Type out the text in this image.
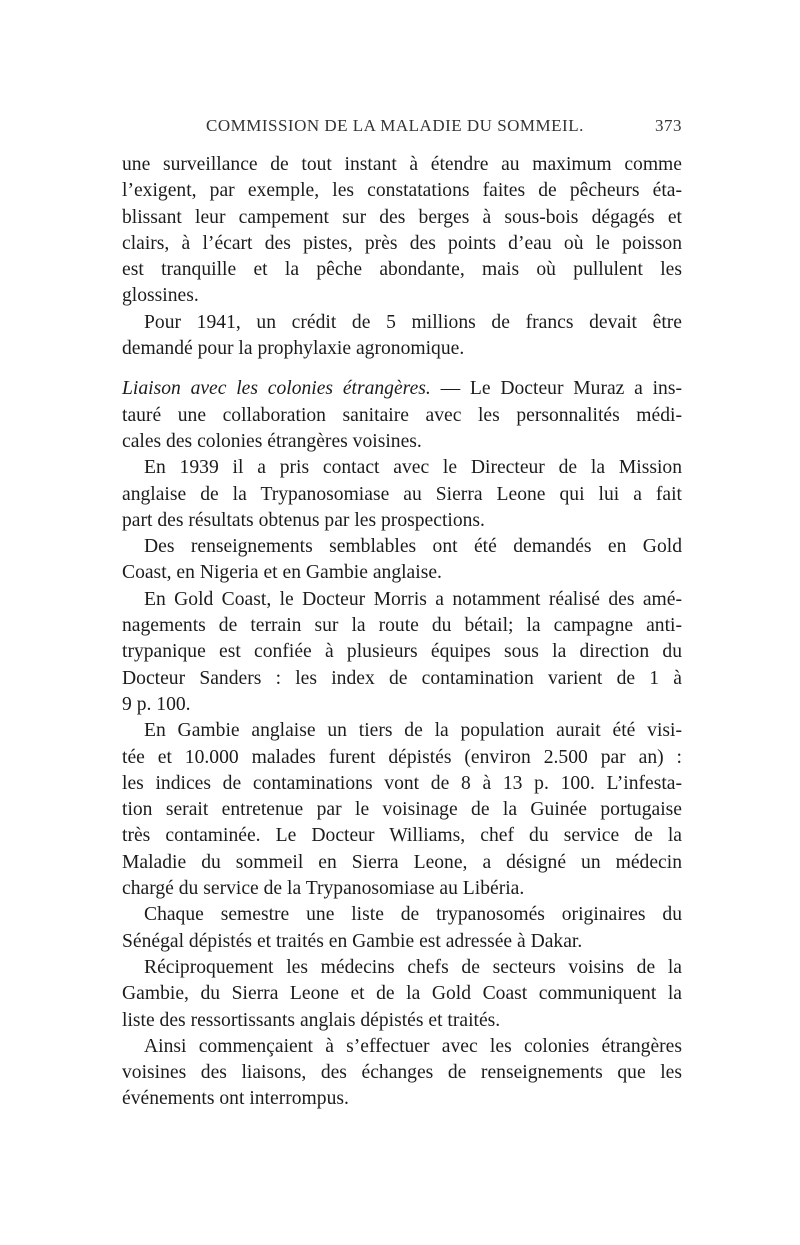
COMMISSION DE LA MALADIE DU SOMMEIL.	373
une surveillance de tout instant à étendre au maximum comme
l’exigent, par exemple, les constatations faites de pêcheurs éta-
blissant leur campement sur des berges à sous-bois dégagés et
clairs, à l’écart des pistes, près des points d’eau où le poisson
est tranquille et la pêche abondante, mais où pullulent les
glossines.
Pour 1941, un crédit de 5 millions de francs devait être
demandé pour la prophylaxie agronomique.
Liaison avec les colonies étrangères. — Le Docteur Muraz a ins-
tauré une collaboration sanitaire avec les personnalités médi-
cales des colonies étrangères voisines.
En 1939 il a pris contact avec le Directeur de la Mission
anglaise de la Trypanosomiase au Sierra Leone qui lui a fait
part des résultats obtenus par les prospections.
Des renseignements semblables ont été demandés en Gold
Coast, en Nigeria et en Gambie anglaise.
En Gold Coast, le Docteur Morris a notamment réalisé des amé-
nagements de terrain sur la route du bétail; la campagne anti-
trypanique est confiée à plusieurs équipes sous la direction du
Docteur Sanders : les index de contamination varient de 1 à
9 p. 100.
En Gambie anglaise un tiers de la population aurait été visi-
tée et 10.000 malades furent dépistés (environ 2.500 par an) :
les indices de contaminations vont de 8 à 13 p. 100. L’infesta-
tion serait entretenue par le voisinage de la Guinée portugaise
très contaminée. Le Docteur Williams, chef du service de la
Maladie du sommeil en Sierra Leone, a désigné un médecin
chargé du service de la Trypanosomiase au Libéria.
Chaque semestre une liste de trypanosomés originaires du
Sénégal dépistés et traités en Gambie est adressée à Dakar.
Réciproquement les médecins chefs de secteurs voisins de la
Gambie, du Sierra Leone et de la Gold Coast communiquent la
liste des ressortissants anglais dépistés et traités.
Ainsi commençaient à s’effectuer avec les colonies étrangères
voisines des liaisons, des échanges de renseignements que les
événements ont interrompus.
